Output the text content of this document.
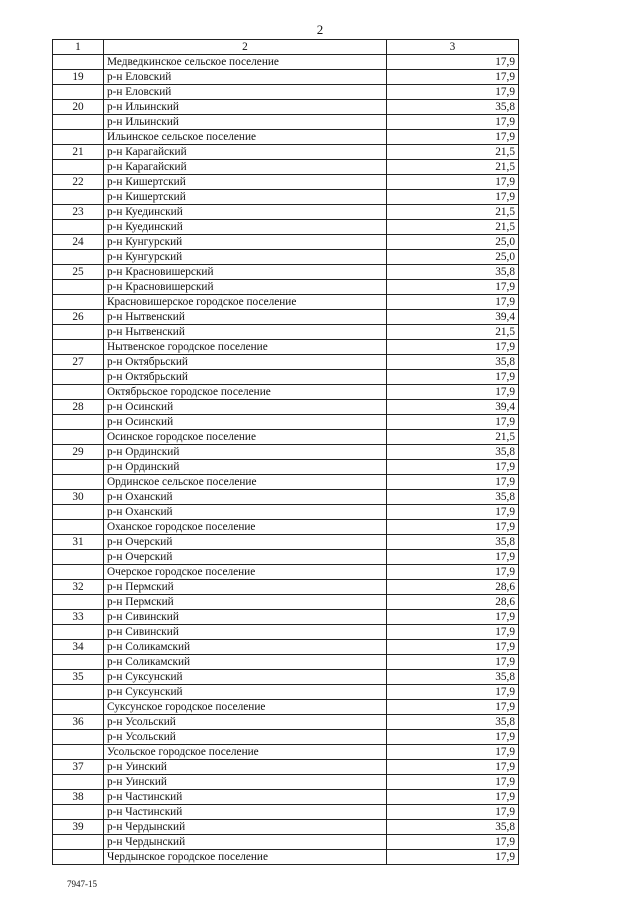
2
1	2	3
	Медведкинское сельское поселение	17,9
19	р-н Еловский	17,9
	р-н Еловский	17,9
20	р-н Ильинский	35,8
	р-н Ильинский	17,9
	Ильинское сельское поселение	17,9
21	р-н Карагайский	21,5
	р-н Карагайский	21,5
22	р-н Кишертский	17,9
	р-н Кишертский	17,9
23	р-н Куединский	21,5
	р-н Куединский	21,5
24	р-н Кунгурский	25,0
	р-н Кунгурский	25,0
25	р-н Красновишерский	35,8
	р-н Красновишерский	17,9
	Красновишерское городское поселение	17,9
26	р-н Нытвенский	39,4
	р-н Нытвенский	21,5
	Нытвенское городское поселение	17,9
27	р-н Октябрьский	35,8
	р-н Октябрьский	17,9
	Октябрьское городское поселение	17,9
28	р-н Осинский	39,4
	р-н Осинский	17,9
	Осинское городское поселение	21,5
29	р-н Ординский	35,8
	р-н Ординский	17,9
	Ординское сельское поселение	17,9
30	р-н Оханский	35,8
	р-н Оханский	17,9
	Оханское городское поселение	17,9
31	р-н Очерский	35,8
	р-н Очерский	17,9
	Очерское городское поселение	17,9
32	р-н Пермский	28,6
	р-н Пермский	28,6
33	р-н Сивинский	17,9
	р-н Сивинский	17,9
34	р-н Соликамский	17,9
	р-н Соликамский	17,9
35	р-н Суксунский	35,8
	р-н Суксунский	17,9
	Суксунское городское поселение	17,9
36	р-н Усольский	35,8
	р-н Усольский	17,9
	Усольское городское поселение	17,9
37	р-н Уинский	17,9
	р-н Уинский	17,9
38	р-н Частинский	17,9
	р-н Частинский	17,9
39	р-н Чердынский	35,8
	р-н Чердынский	17,9
	Чердынское городское поселение	17,9
7947-15
